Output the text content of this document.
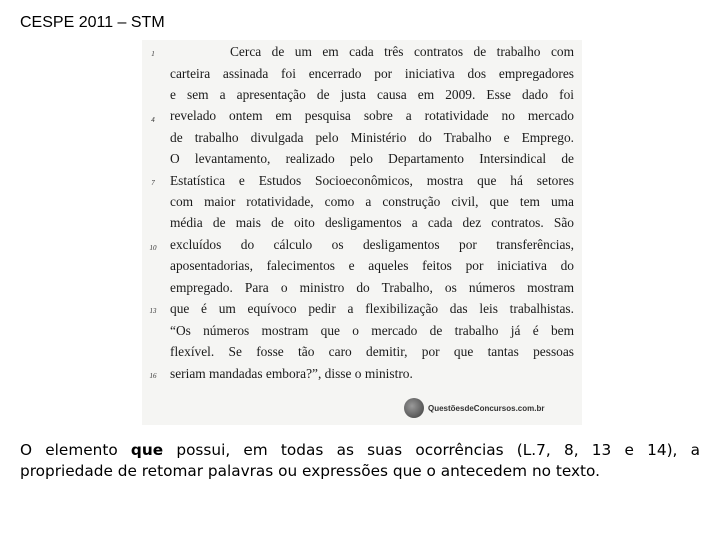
CESPE 2011 – STM
1
4
7
10
13
16
Cerca de um em cada três contratos de trabalho com
carteira assinada foi encerrado por iniciativa dos empregadores
e sem a apresentação de justa causa em 2009. Esse dado foi
revelado ontem em pesquisa sobre a rotatividade no mercado
de trabalho divulgada pelo Ministério do Trabalho e Emprego.
O levantamento, realizado pelo Departamento Intersindical de
Estatística e Estudos Socioeconômicos, mostra que há setores
com maior rotatividade, como a construção civil, que tem uma
média de mais de oito desligamentos a cada dez contratos. São
excluídos do cálculo os desligamentos por transferências,
aposentadorias, falecimentos e aqueles feitos por iniciativa do
empregado. Para o ministro do Trabalho, os números mostram
que é um equívoco pedir a flexibilização das leis trabalhistas.
“Os números mostram que o mercado de trabalho já é bem
flexível. Se fosse tão caro demitir, por que tantas pessoas
seriam mandadas embora?”, disse o ministro.
QuestõesdeConcursos.com.br
O elemento que possui, em todas as suas ocorrências (L.7, 8, 13 e 14), a
propriedade de retomar palavras ou expressões que o antecedem no texto.
